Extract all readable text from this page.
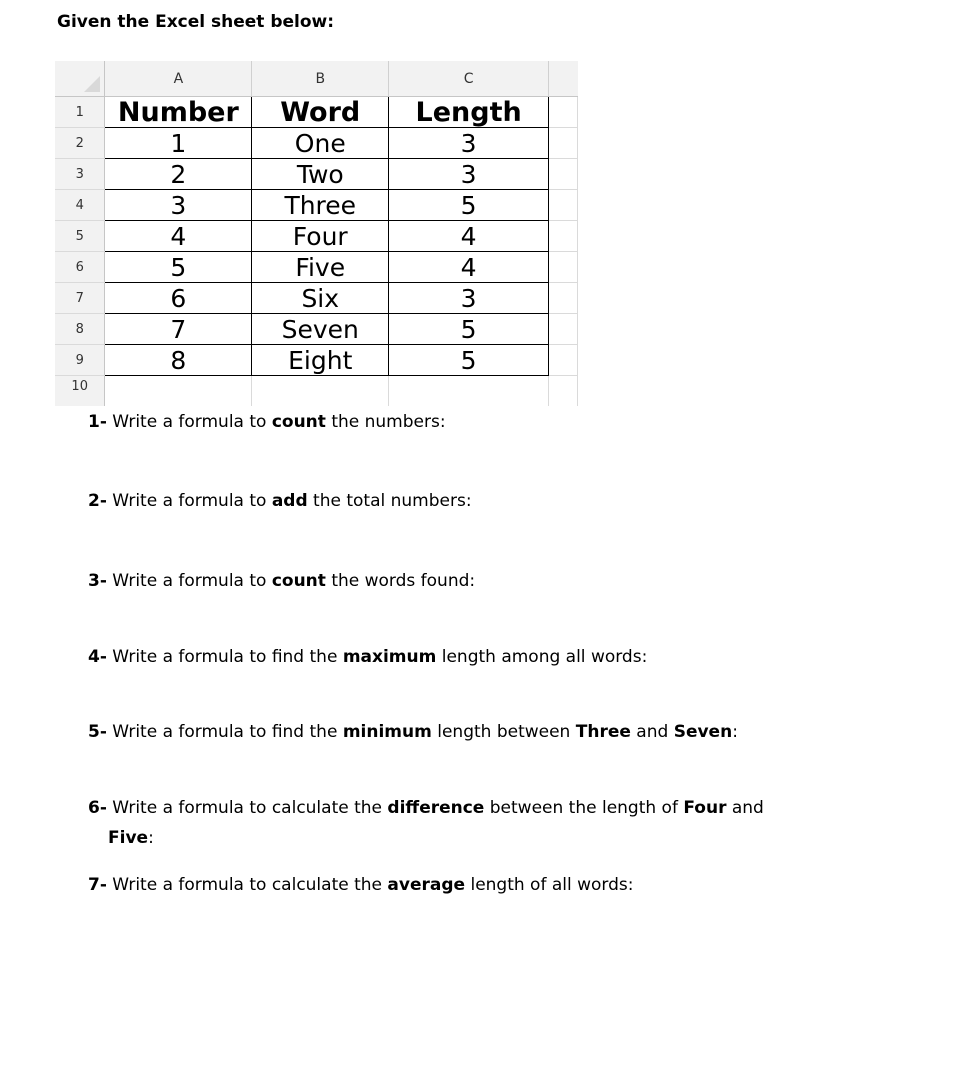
Given the Excel sheet below:
	A	B	C	
1	Number	Word	Length	
2	1	One	3	
3	2	Two	3	
4	3	Three	5	
5	4	Four	4	
6	5	Five	4	
7	6	Six	3	
8	7	Seven	5	
9	8	Eight	5	
10				

1- Write a formula to count the numbers:

2- Write a formula to add the total numbers:

3- Write a formula to count the words found:

4- Write a formula to find the maximum length among all words:

5- Write a formula to find the minimum length between Three and Seven:

6- Write a formula to calculate the difference between the length of Four and
Five:

7- Write a formula to calculate the average length of all words:
